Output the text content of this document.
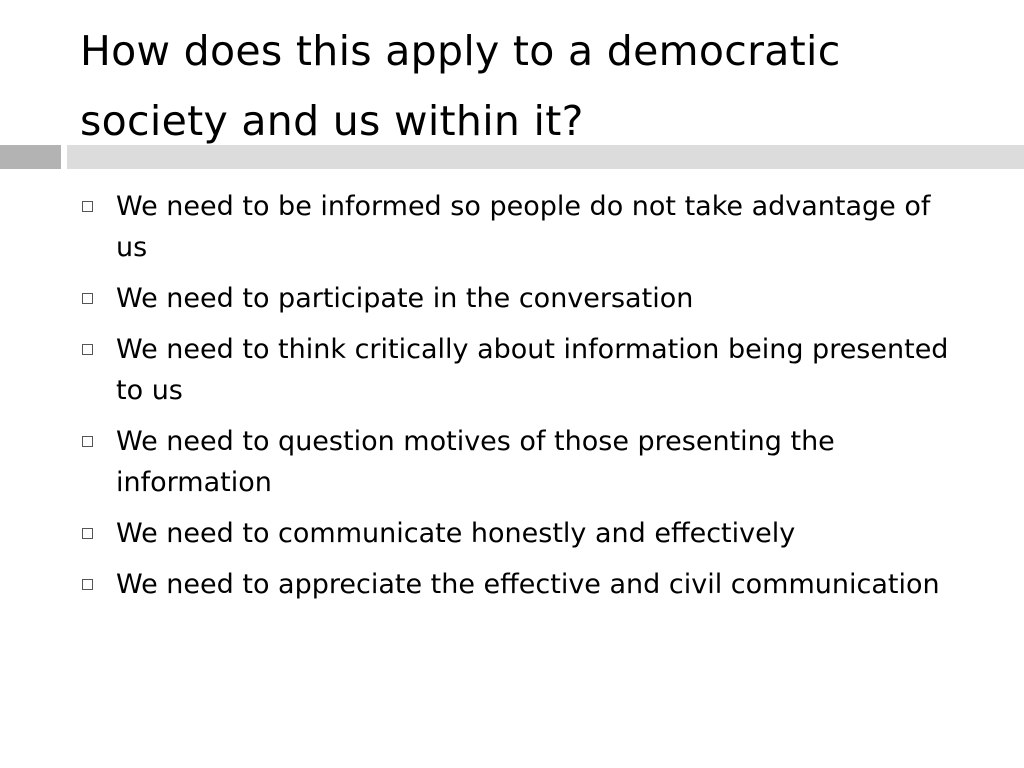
How does this apply to a democratic society and us within it?
We need to be informed so people do not take advantage of us
We need to participate in the conversation
We need to think critically about information being presented to us
We need to question motives of those presenting the information
We need to communicate honestly and effectively
We need to appreciate the effective and civil communication
